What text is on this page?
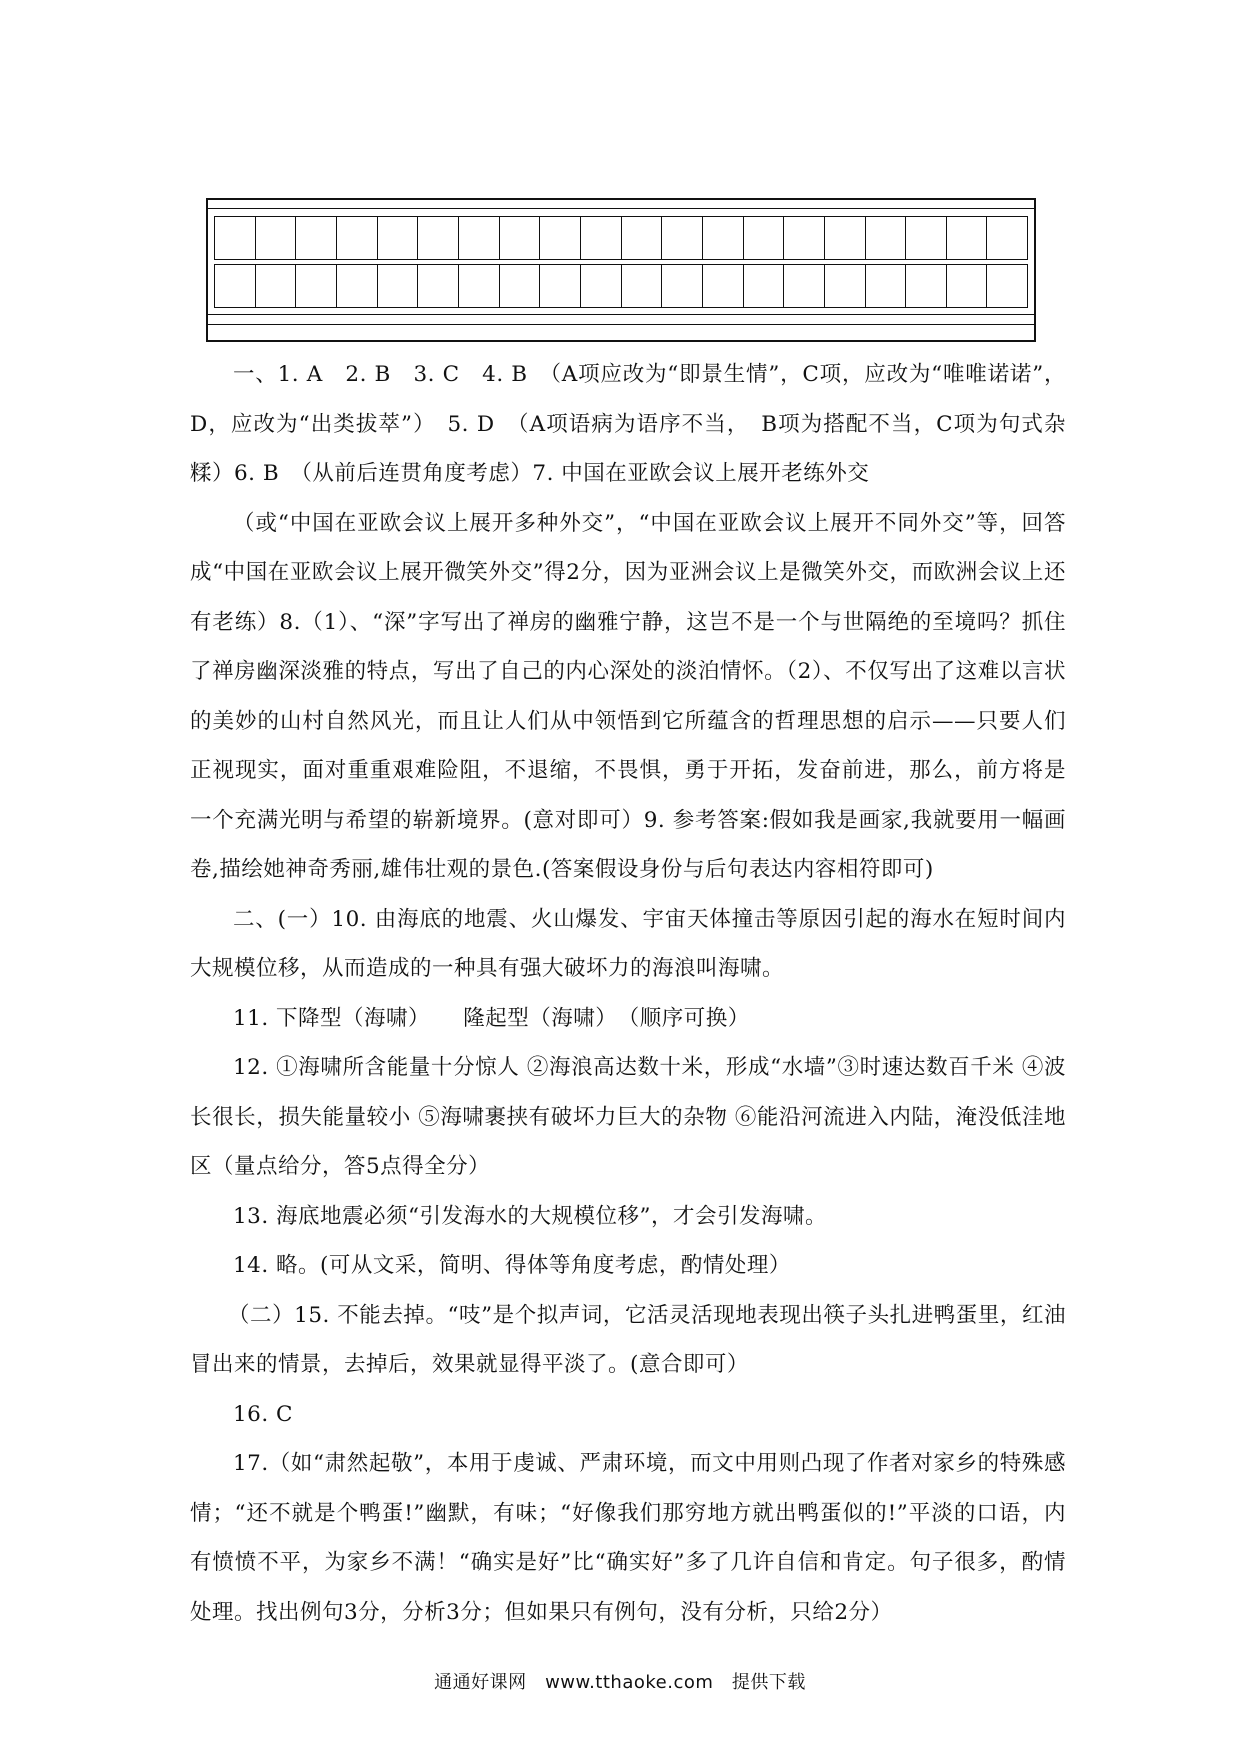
一、1. A　2. B　3. C　4. B　（A项应改为“即景生情”，C项，应改为“唯唯诺诺”，D，应改为“出类拔萃”）　5. D　（A项语病为语序不当，　B项为搭配不当，C项为句式杂糅）6. B　（从前后连贯角度考虑）7. 中国在亚欧会议上展开老练外交

（或“中国在亚欧会议上展开多种外交”，“中国在亚欧会议上展开不同外交”等，回答成“中国在亚欧会议上展开微笑外交”得2分，因为亚洲会议上是微笑外交，而欧洲会议上还有老练）8.（1）、“深”字写出了禅房的幽雅宁静，这岂不是一个与世隔绝的至境吗？抓住了禅房幽深淡雅的特点，写出了自己的内心深处的淡泊情怀。（2）、不仅写出了这难以言状的美妙的山村自然风光，而且让人们从中领悟到它所蕴含的哲理思想的启示——只要人们正视现实，面对重重艰难险阻，不退缩，不畏惧，勇于开拓，发奋前进，那么，前方将是一个充满光明与希望的崭新境界。(意对即可）9. 参考答案:假如我是画家,我就要用一幅画卷,描绘她神奇秀丽,雄伟壮观的景色.(答案假设身份与后句表达内容相符即可)

二、(一）10. 由海底的地震、火山爆发、宇宙天体撞击等原因引起的海水在短时间内大规模位移，从而造成的一种具有强大破坏力的海浪叫海啸。

11. 下降型（海啸）　　隆起型（海啸）　（顺序可换）

12. ①海啸所含能量十分惊人 ②海浪高达数十米，形成“水墙”③时速达数百千米 ④波长很长，损失能量较小 ⑤海啸裹挟有破坏力巨大的杂物 ⑥能沿河流进入内陆，淹没低洼地区（量点给分，答5点得全分）

13. 海底地震必须“引发海水的大规模位移”，才会引发海啸。

14. 略。(可从文采，简明、得体等角度考虑，酌情处理）

（二）15. 不能去掉。“吱”是个拟声词，它活灵活现地表现出筷子头扎进鸭蛋里，红油冒出来的情景，去掉后，效果就显得平淡了。(意合即可）

16. C

17.（如“肃然起敬”，本用于虔诚、严肃环境，而文中用则凸现了作者对家乡的特殊感情；“还不就是个鸭蛋!”幽默，有味；“好像我们那穷地方就出鸭蛋似的!”平淡的口语，内有愤愤不平，为家乡不满！“确实是好”比“确实好”多了几许自信和肯定。句子很多，酌情处理。找出例句3分，分析3分；但如果只有例句，没有分析，只给2分）

通通好课网　www.tthaoke.com　提供下载
